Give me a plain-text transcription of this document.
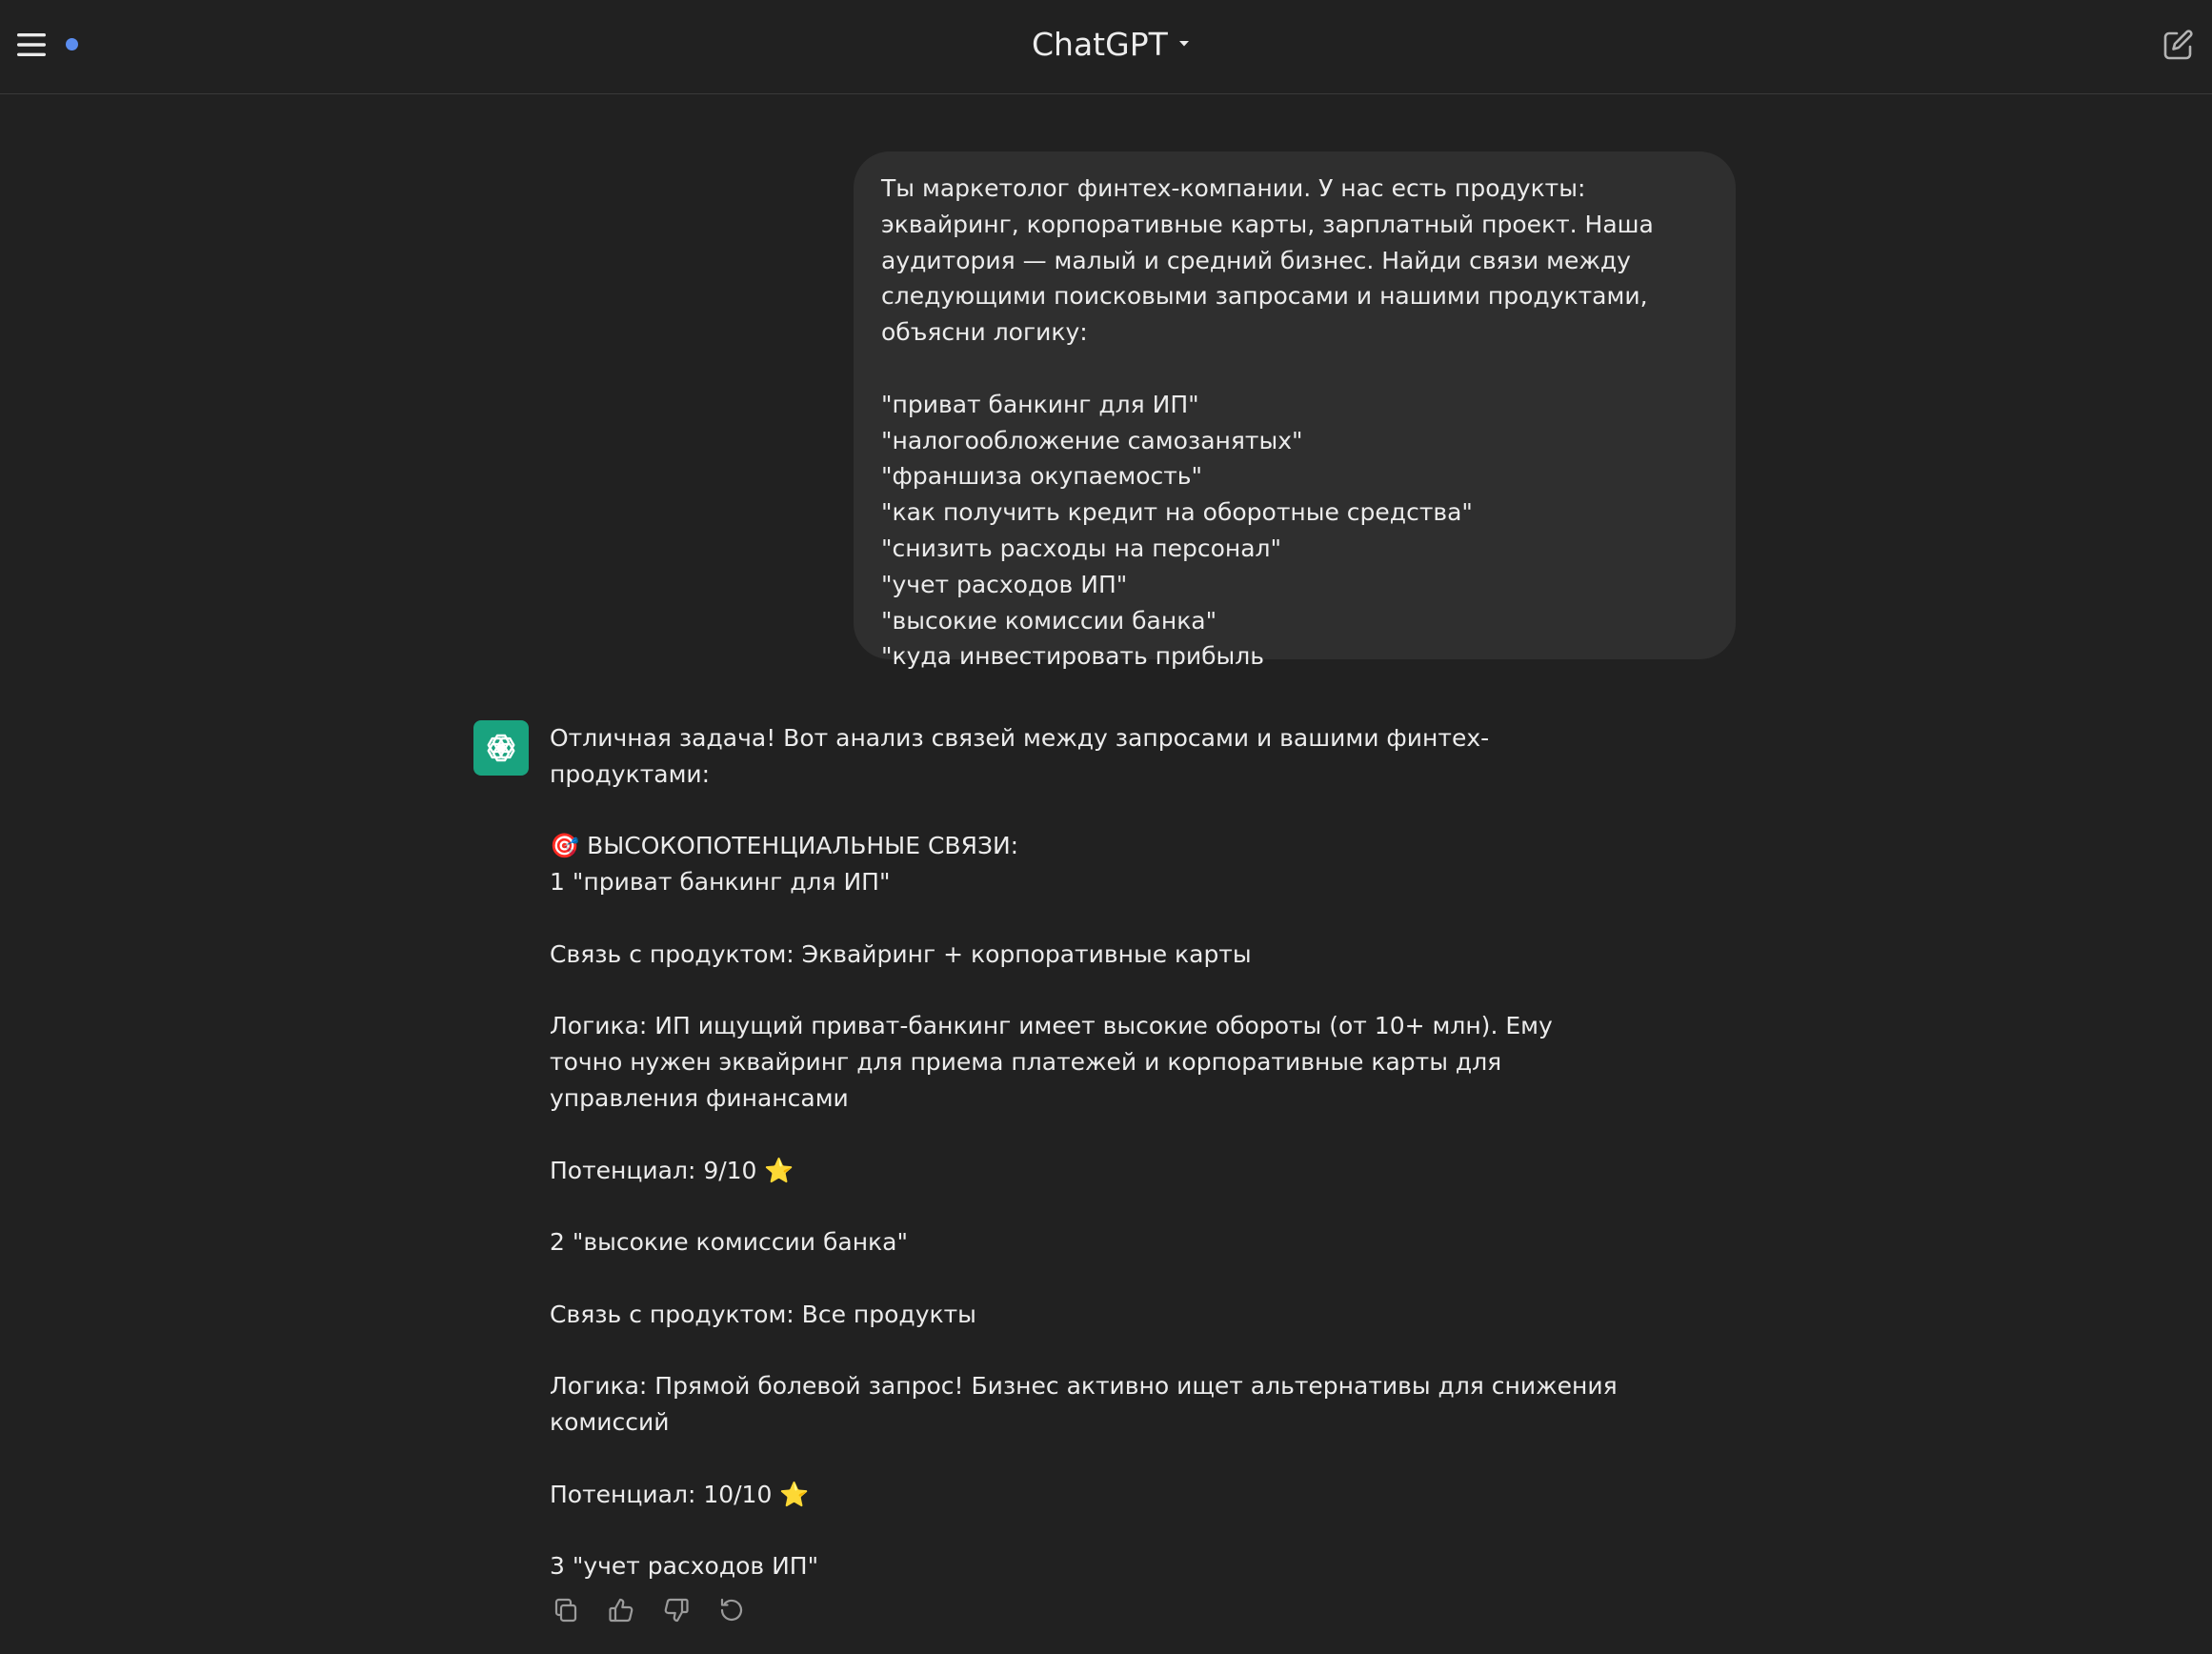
ChatGPT

Ты маркетолог финтех-компании. У нас есть продукты: эквайринг, корпоративные карты, зарплатный проект. Наша аудитория — малый и средний бизнес. Найди связи между следующими поисковыми запросами и нашими продуктами, объясни логику:

"приват банкинг для ИП"

"налогообложение самозанятых"

"франшиза окупаемость"

"как получить кредит на оборотные средства"

"снизить расходы на персонал"

"учет расходов ИП"

"высокие комиссии банка"

"куда инвестировать прибыль

Отличная задача! Вот анализ связей между запросами и вашими финтех-продуктами:

🎯 ВЫСОКОПОТЕНЦИАЛЬНЫЕ СВЯЗИ:

1 "приват банкинг для ИП"

Связь с продуктом: Эквайринг + корпоративные карты

Логика: ИП ищущий приват-банкинг имеет высокие обороты (от 10+ млн). Ему точно нужен эквайринг для приема платежей и корпоративные карты для управления финансами

Потенциал: 9/10 ⭐

2 "высокие комиссии банка"

Связь с продуктом: Все продукты

Логика: Прямой болевой запрос! Бизнес активно ищет альтернативы для снижения комиссий

Потенциал: 10/10 ⭐

3 "учет расходов ИП"
